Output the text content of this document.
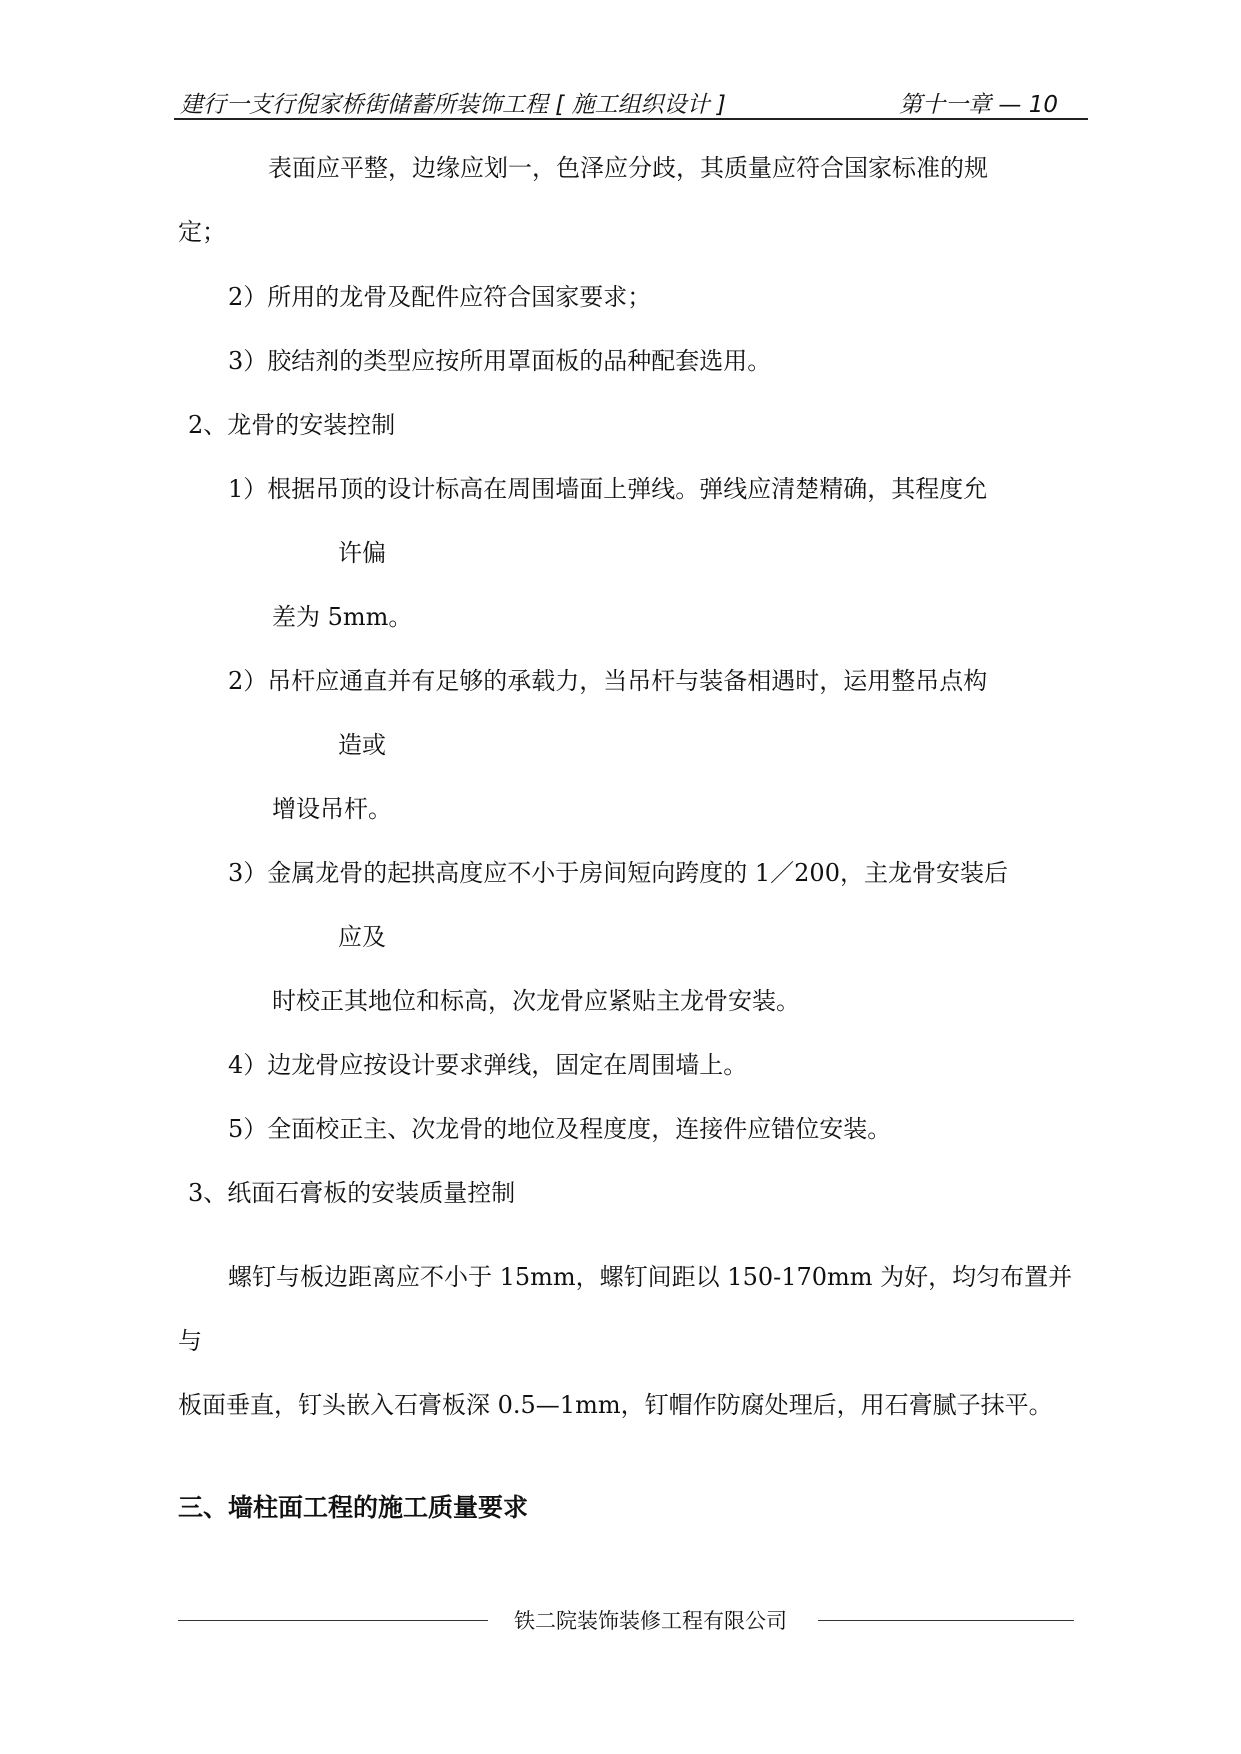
建行一支行倪家桥街储蓄所装饰工程 [ 施工组织设计 ]	第十一章 — 10
表面应平整，边缘应划一，色泽应分歧，其质量应符合国家标准的规
定；
2）所用的龙骨及配件应符合国家要求；
3）胶结剂的类型应按所用罩面板的品种配套选用。
2、龙骨的安装控制
1）根据吊顶的设计标高在周围墙面上弹线。弹线应清楚精确，其程度允
许偏
差为 5mm。
2）吊杆应通直并有足够的承载力，当吊杆与装备相遇时，运用整吊点构
造或
增设吊杆。
3）金属龙骨的起拱高度应不小于房间短向跨度的 1／200，主龙骨安装后
应及
时校正其地位和标高，次龙骨应紧贴主龙骨安装。
4）边龙骨应按设计要求弹线，固定在周围墙上。
5）全面校正主、次龙骨的地位及程度度，连接件应错位安装。
3、纸面石膏板的安装质量控制
螺钉与板边距离应不小于 15mm，螺钉间距以 150-170mm 为好，均匀布置并
与
板面垂直，钉头嵌入石膏板深 0.5—1mm，钉帽作防腐处理后，用石膏腻子抹平。
三、墙柱面工程的施工质量要求
铁二院装饰装修工程有限公司
